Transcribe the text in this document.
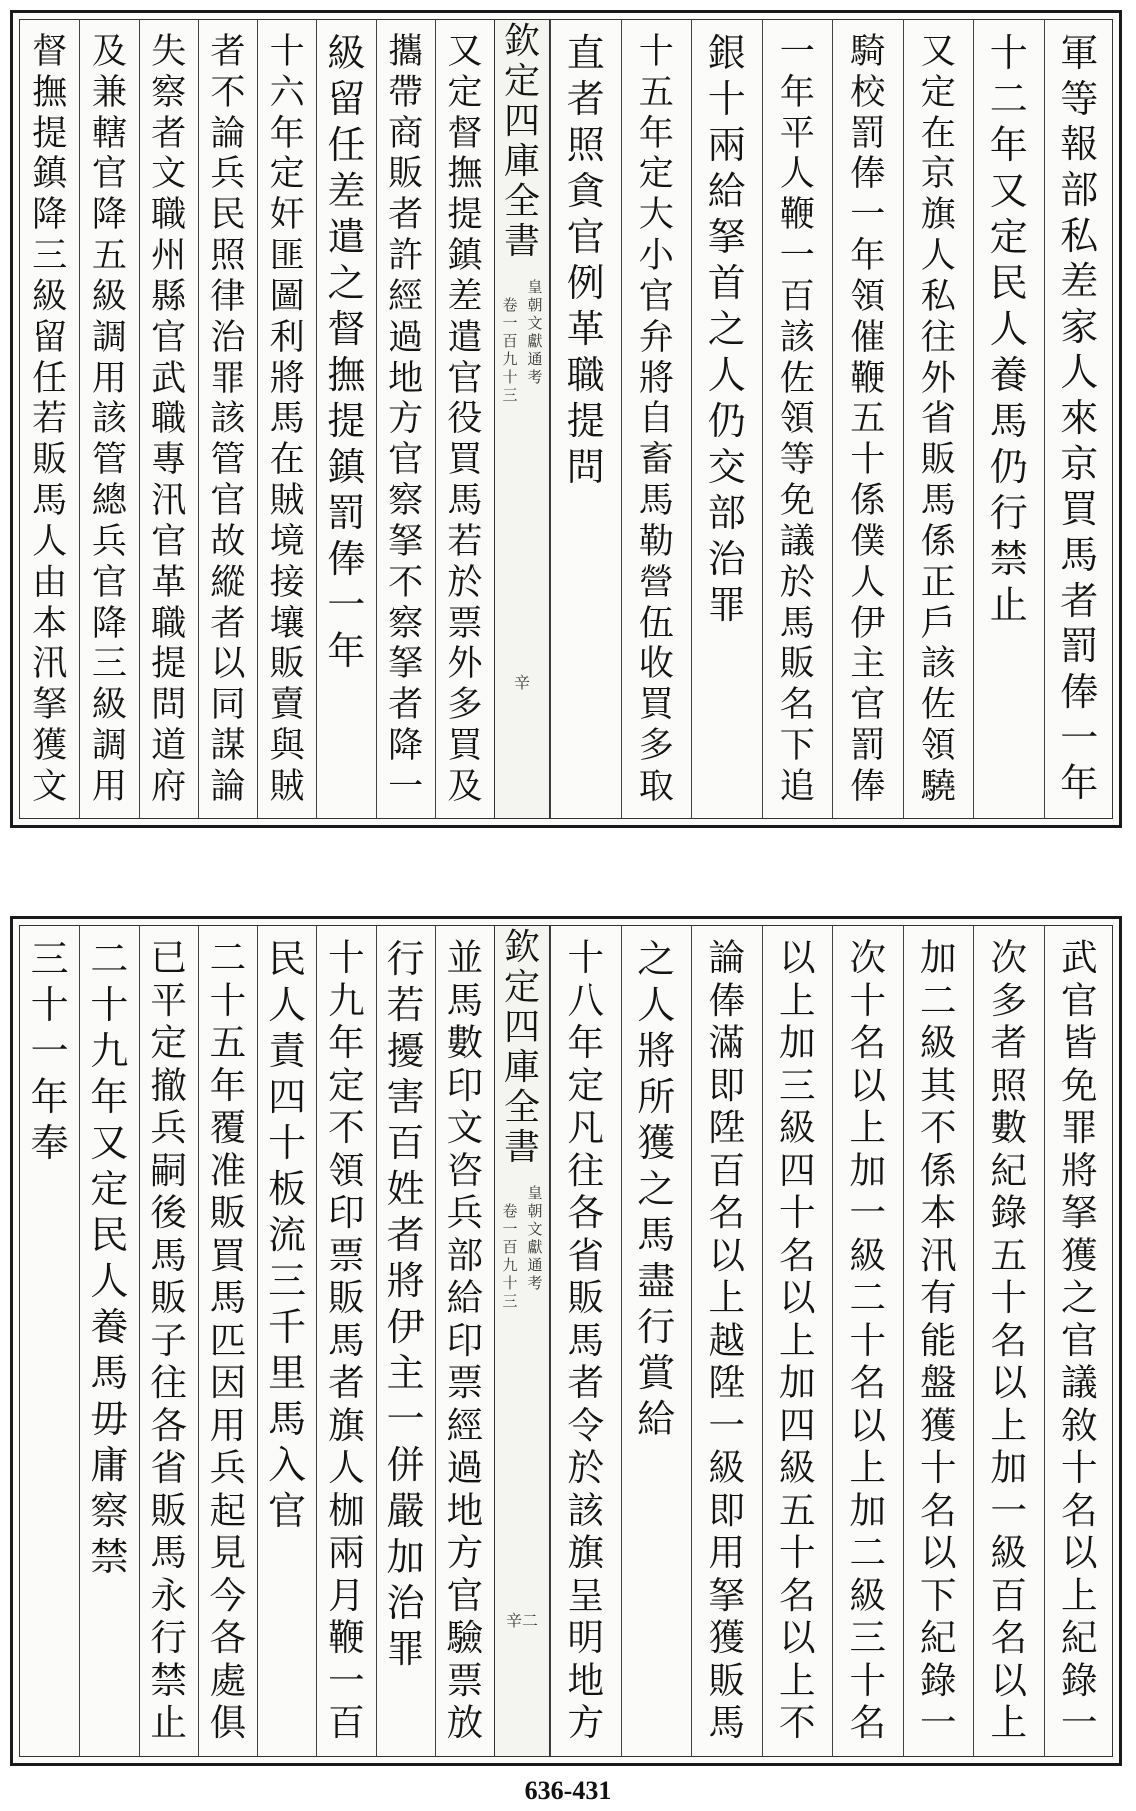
軍
等
報
部
私
差
家
人
來
京
買
馬
者
罰
俸
一
年
十
二
年
又
定
民
人
養
馬
仍
行
禁
止
又
定
在
京
旗
人
私
往
外
省
販
馬
係
正
戶
該
佐
領
驍
騎
校
罰
俸
一
年
領
催
鞭
五
十
係
僕
人
伊
主
官
罰
俸
一
年
平
人
鞭
一
百
該
佐
領
等
免
議
於
馬
販
名
下
追
銀
十
兩
給
拏
首
之
人
仍
交
部
治
罪
十
五
年
定
大
小
官
弁
將
自
畜
馬
勒
營
伍
收
買
多
取
直
者
照
貪
官
例
革
職
提
問
欽
定
四
庫
全
書
皇
朝
文
獻
通
考
卷
一
百
九
十
三
辛
又
定
督
撫
提
鎮
差
遣
官
役
買
馬
若
於
票
外
多
買
及
攜
帶
商
販
者
許
經
過
地
方
官
察
拏
不
察
拏
者
降
一
級
留
任
差
遣
之
督
撫
提
鎮
罰
俸
一
年
十
六
年
定
奸
匪
圖
利
將
馬
在
賊
境
接
壤
販
賣
與
賊
者
不
論
兵
民
照
律
治
罪
該
管
官
故
縱
者
以
同
謀
論
失
察
者
文
職
州
縣
官
武
職
專
汛
官
革
職
提
問
道
府
及
兼
轄
官
降
五
級
調
用
該
管
總
兵
官
降
三
級
調
用
督
撫
提
鎮
降
三
級
留
任
若
販
馬
人
由
本
汛
拏
獲
文
武
官
皆
免
罪
將
拏
獲
之
官
議
敘
十
名
以
上
紀
錄
一
次
多
者
照
數
紀
錄
五
十
名
以
上
加
一
級
百
名
以
上
加
二
級
其
不
係
本
汛
有
能
盤
獲
十
名
以
下
紀
錄
一
次
十
名
以
上
加
一
級
二
十
名
以
上
加
二
級
三
十
名
以
上
加
三
級
四
十
名
以
上
加
四
級
五
十
名
以
上
不
論
俸
滿
即
陞
百
名
以
上
越
陞
一
級
即
用
拏
獲
販
馬
之
人
將
所
獲
之
馬
盡
行
賞
給
十
八
年
定
凡
往
各
省
販
馬
者
令
於
該
旗
呈
明
地
方
欽
定
四
庫
全
書
皇
朝
文
獻
通
考
卷
一
百
九
十
三
辛二
並
馬
數
印
文
咨
兵
部
給
印
票
經
過
地
方
官
驗
票
放
行
若
擾
害
百
姓
者
將
伊
主
一
併
嚴
加
治
罪
十
九
年
定
不
領
印
票
販
馬
者
旗
人
枷
兩
月
鞭
一
百
民
人
責
四
十
板
流
三
千
里
馬
入
官
二
十
五
年
覆
准
販
買
馬
匹
因
用
兵
起
見
今
各
處
俱
已
平
定
撤
兵
嗣
後
馬
販
子
往
各
省
販
馬
永
行
禁
止
二
十
九
年
又
定
民
人
養
馬
毋
庸
察
禁
三
十
一
年
奉
636-431
